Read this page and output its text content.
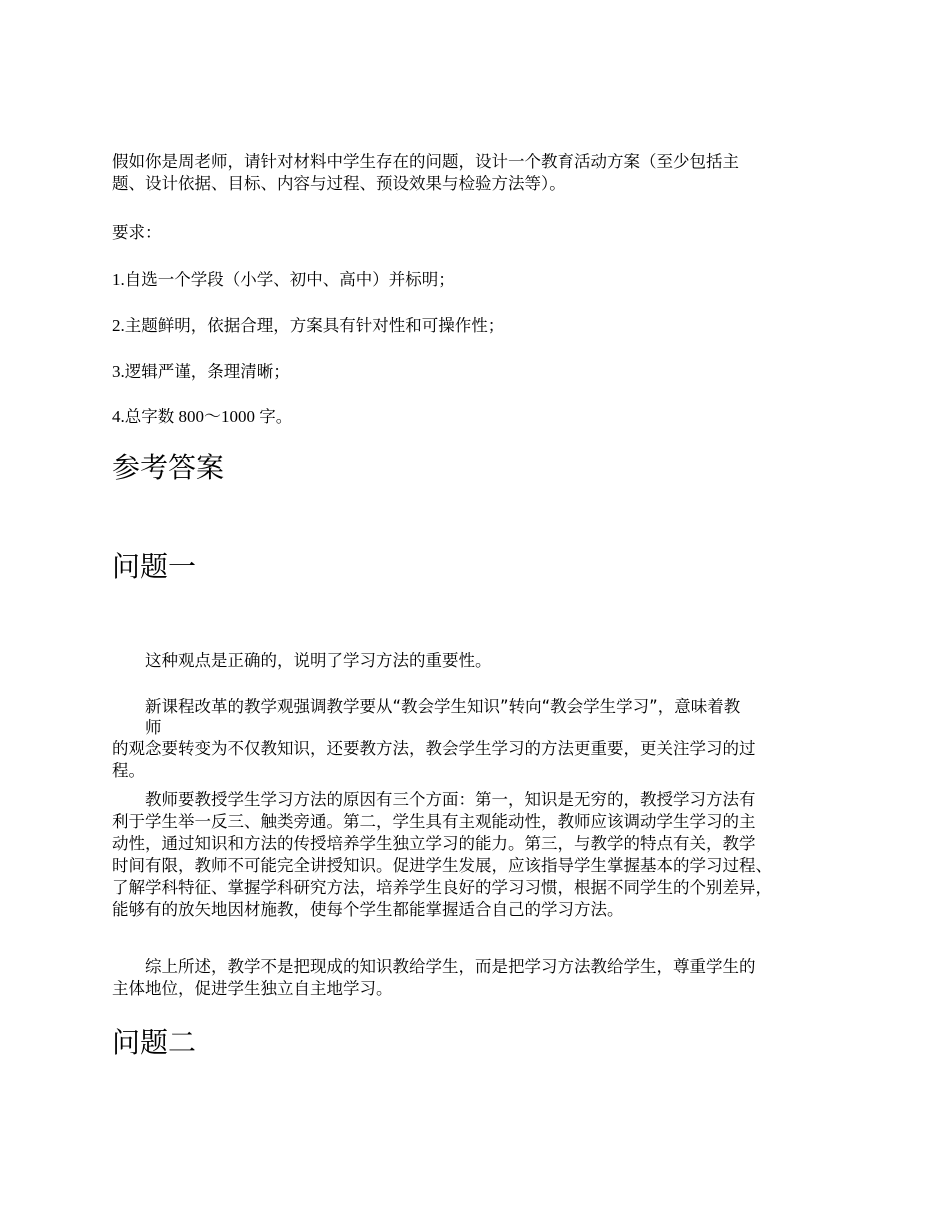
假如你是周老师，请针对材料中学生存在的问题，设计一个教育活动方案（至少包括主
题、设计依据、目标、内容与过程、预设效果与检验方法等）。

要求：

1.自选一个学段（小学、初中、高中）并标明；

2.主题鲜明，依据合理，方案具有针对性和可操作性；

3.逻辑严谨，条理清晰；

4.总字数 800～1000 字。

参考答案
问题一

这种观点是正确的，说明了学习方法的重要性。

新课程改革的教学观强调教学要从“教会学生知识”转向“教会学生学习”，意味着教
师
的观念要转变为不仅教知识，还要教方法，教会学生学习的方法更重要，更关注学习的过
程。

教师要教授学生学习方法的原因有三个方面：第一，知识是无穷的，教授学习方法有
利于学生举一反三、触类旁通。第二，学生具有主观能动性，教师应该调动学生学习的主
动性，通过知识和方法的传授培养学生独立学习的能力。第三，与教学的特点有关，教学
时间有限，教师不可能完全讲授知识。促进学生发展，应该指导学生掌握基本的学习过程、
了解学科特征、掌握学科研究方法，培养学生良好的学习习惯，根据不同学生的个别差异，
能够有的放矢地因材施教，使每个学生都能掌握适合自己的学习方法。

综上所述，教学不是把现成的知识教给学生，而是把学习方法教给学生，尊重学生的
主体地位，促进学生独立自主地学习。

问题二
